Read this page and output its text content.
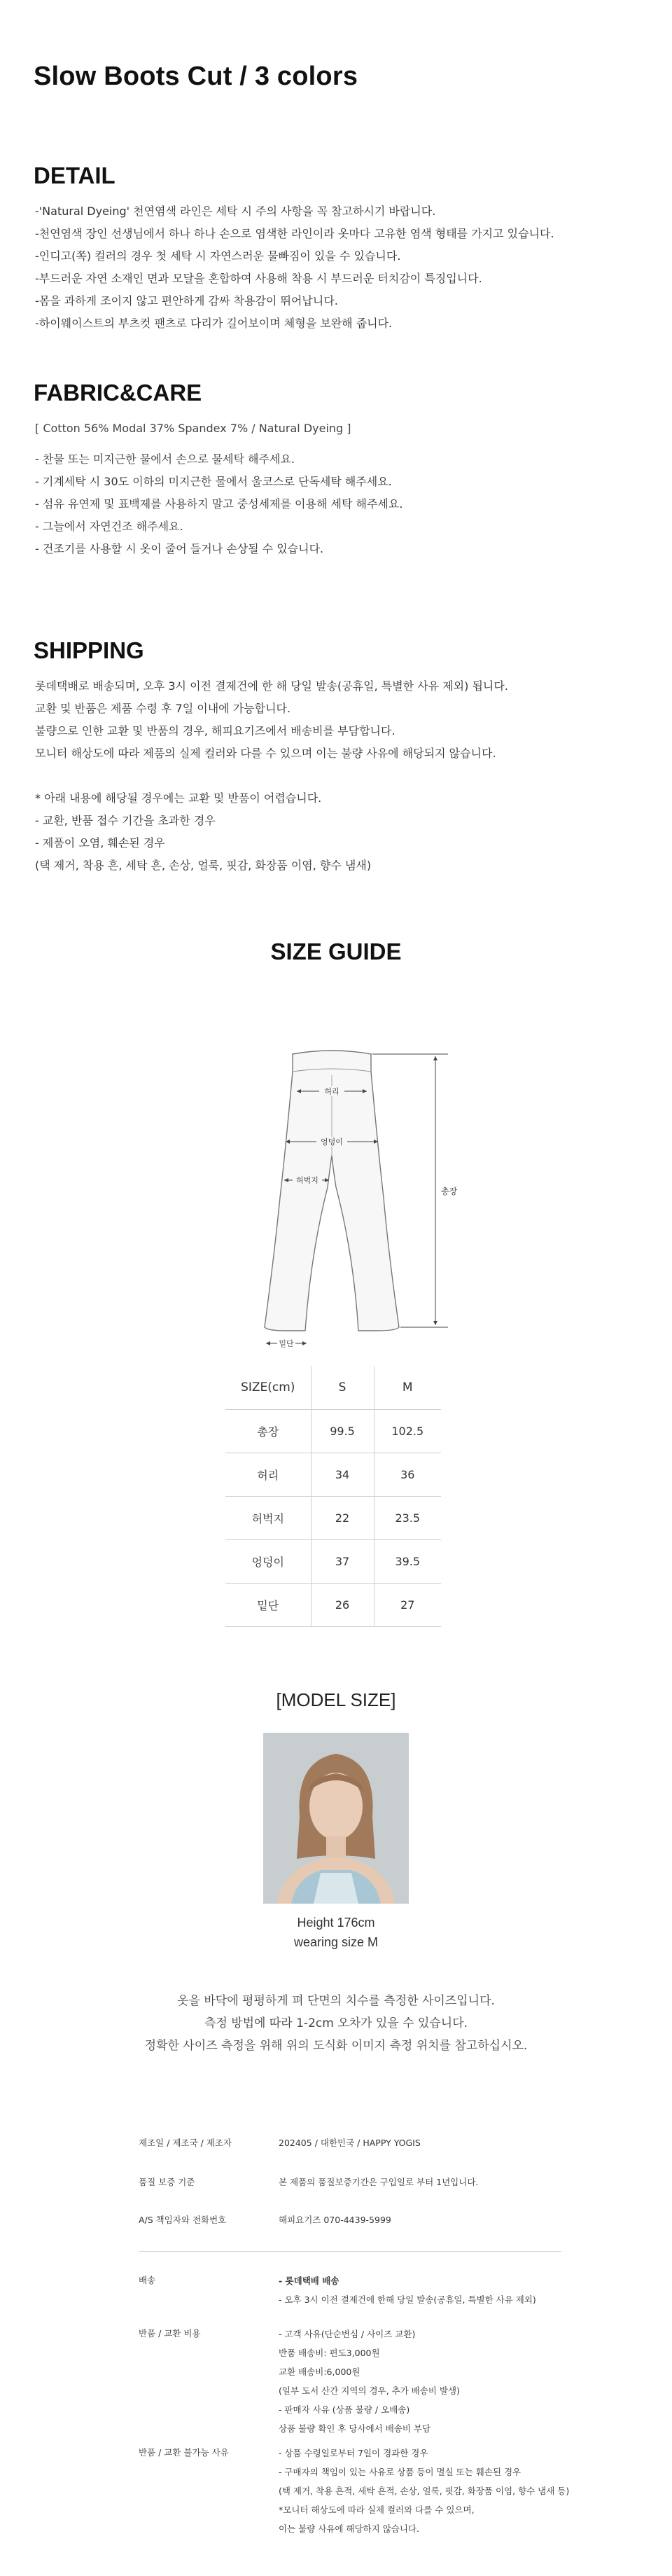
Slow Boots Cut / 3 colors
DETAIL
-'Natural Dyeing' 천연염색 라인은 세탁 시 주의 사항을 꼭 참고하시기 바랍니다.
-천연염색 장인 선생님에서 하나 하나 손으로 염색한 라인이라 옷마다 고유한 염색 형태를 가지고 있습니다.
-인디고(쪽) 컬러의 경우 첫 세탁 시 자연스러운 물빠짐이 있을 수 있습니다.
-부드러운 자연 소재인 면과 모달을 혼합하여 사용해 착용 시 부드러운 터치감이 특징입니다.
-몸을 과하게 조이지 않고 편안하게 감싸 착용감이 뛰어납니다.
-하이웨이스트의 부츠컷 팬츠로 다리가 길어보이며 체형을 보완해 줍니다.
FABRIC&CARE
[ Cotton 56% Modal 37% Spandex 7% / Natural Dyeing ]
- 찬물 또는 미지근한 물에서 손으로 물세탁 해주세요.
- 기계세탁 시 30도 이하의 미지근한 물에서 울코스로 단독세탁 해주세요.
- 섬유 유연제 및 표백제를 사용하지 말고 중성세제를 이용해 세탁 해주세요.
- 그늘에서 자연건조 해주세요.
- 건조기를 사용할 시 옷이 줄어 들거나 손상될 수 있습니다.
SHIPPING
롯데택배로 배송되며, 오후 3시 이전 결제건에 한 해 당일 발송(공휴일, 특별한 사유 제외) 됩니다.
교환 및 반품은 제품 수령 후 7일 이내에 가능합니다.
불량으로 인한 교환 및 반품의 경우, 해피요기즈에서 배송비를 부담합니다.
모니터 해상도에 따라 제품의 실제 컬러와 다를 수 있으며 이는 불량 사유에 해당되지 않습니다.
* 아래 내용에 해당될 경우에는 교환 및 반품이 어렵습니다.
- 교환, 반품 접수 기간을 초과한 경우
- 제품이 오염, 훼손된 경우
(택 제거, 착용 흔, 세탁 흔, 손상, 얼룩, 핏감, 화장품 이염, 향수 냄새)
SIZE GUIDE
허리
엉덩이
허벅지
총장
밑단
SIZE(cm)	S	M
총장	99.5	102.5
허리	34	36
허벅지	22	23.5
엉덩이	37	39.5
밑단	26	27
[MODEL SIZE]
Height 176cm
wearing size M
옷을 바닥에 평평하게 펴 단면의 치수를 측정한 사이즈입니다.
측정 방법에 따라 1-2cm 오차가 있을 수 있습니다.
정확한 사이즈 측정을 위해 위의 도식화 이미지 측정 위치를 참고하십시오.
제조일 / 제조국 / 제조자	202405 / 대한민국 / HAPPY YOGIS
품질 보증 기준	본 제품의 품질보증기간은 구입일로 부터 1년입니다.
A/S 책임자와 전화번호	해피요기즈 070-4439-5999
배송	- 롯데택배 배송
- 오후 3시 이전 결제건에 한해 당일 발송(공휴일, 특별한 사유 제외)
반품 / 교환 비용	- 고객 사유(단순변심 / 사이즈 교환)
반품 배송비: 편도3,000원
교환 배송비:6,000원
(일부 도서 산간 지역의 경우, 추가 배송비 발생)
- 판매자 사유 (상품 불량 / 오배송)
상품 불량 확인 후 당사에서 배송비 부담
반품 / 교환 불가능 사유	- 상품 수령일로부터 7일이 경과한 경우
- 구매자의 책임이 있는 사유로 상품 등이 멸실 또는 훼손된 경우
(택 제거, 착용 흔적, 세탁 흔적, 손상, 얼룩, 핏감, 화장품 이염, 향수 냄새 등)
*모니터 해상도에 따라 실제 컬러와 다를 수 있으며,
이는 불량 사유에 해당하지 않습니다.
